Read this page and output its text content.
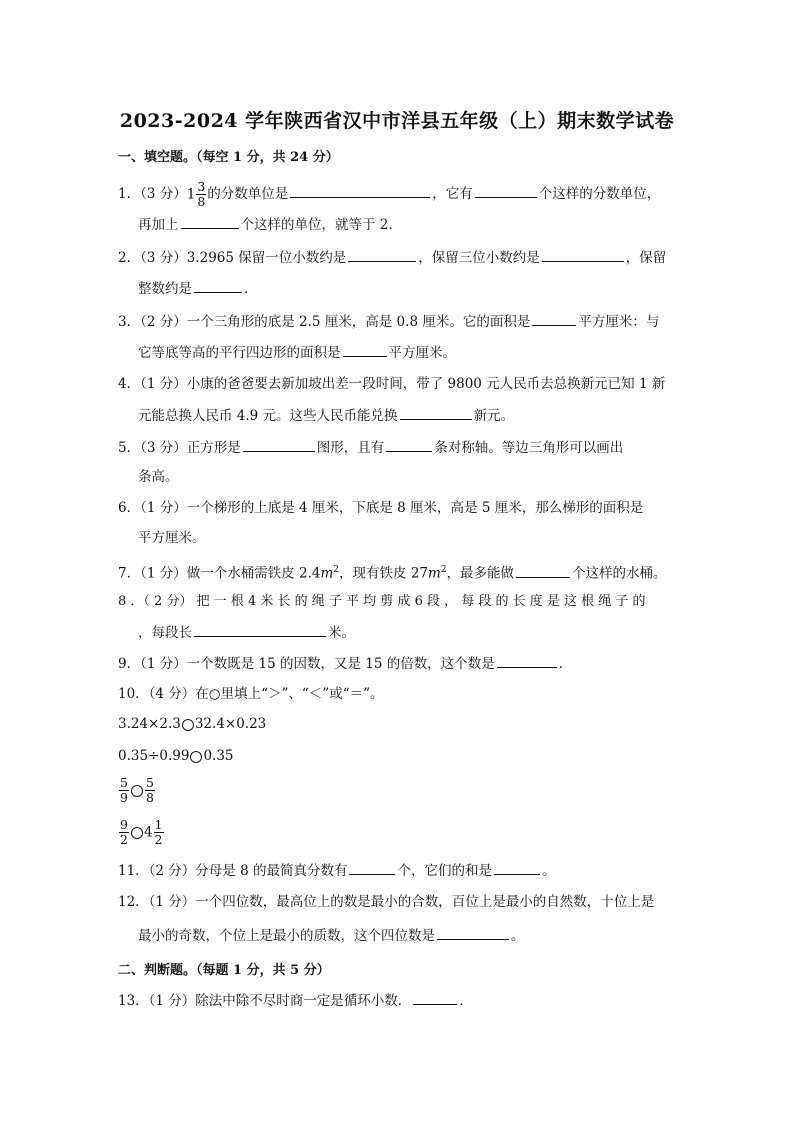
2023-2024 学年陕西省汉中市洋县五年级（上）期末数学试卷
一、填空题。（每空 1 分，共 24 分）
1．（3 分）$1 \frac{3}{8}$ 的分数单位是	，它有	个这样的分数单位，
再加上	个这样的单位，就等于 2．
2．（3 分）3.2965 保留一位小数约是	，保留三位小数约是	，保留
整数约是	．
3．（2 分）一个三角形的底是 2.5 厘米，高是 0.8 厘米。它的面积是	平方厘米：与
它等底等高的平行四边形的面积是	平方厘米。
4．（1 分）小康的爸爸要去新加坡出差一段时间，带了 9800 元人民币去总换新元已知 1 新
元能总换人民币 4.9 元。这些人民币能兑换	新元。
5．（3 分）正方形是	图形，且有	条对称轴。等边三角形可以画出
条高。
6．（1 分）一个梯形的上底是 4 厘米，下底是 8 厘米，高是 5 厘米，那么梯形的面积是
平方厘米。
7．（1 分）做一个水桶需铁皮 $2.4m^2$，现有铁皮 $27m^2$，最多能做	个这样的水桶。
8 ．（ 2 分） 把 一 根 4 米 长 的 绳 子 平 均 剪 成 6 段 ， 每 段 的 长 度 是 这 根 绳 子 的
，每段长	米。
9．（1 分）一个数既是 15 的因数，又是 15 的倍数，这个数是	．
10．（4 分）在○里填上“＞”、“＜”或“＝”。
3.24×2.3 32.4×0.23
0.35÷0.99 0.35
$\frac{5}{9} \frac{5}{8}$
$\frac{9}{2} 4 \frac{1}{2}$
11．（2 分）分母是 8 的最简真分数有	个，它们的和是	。
12．（1 分）一个四位数，最高位上的数是最小的合数，百位上是最小的自然数，十位上是
最小的奇数，个位上是最小的质数，这个四位数是	。
二、判断题。（每题 1 分，共 5 分）
13．（1 分）除法中除不尽时商一定是循环小数．	．
